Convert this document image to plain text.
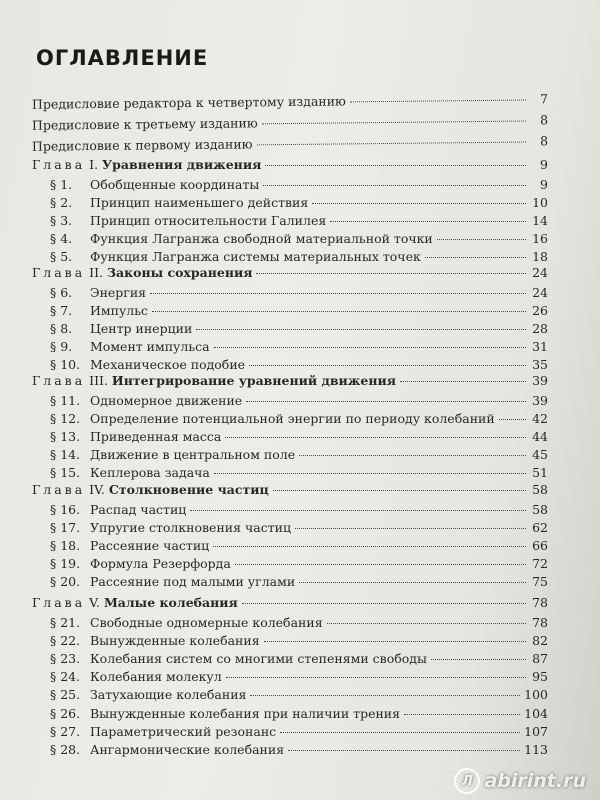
ОГЛАВЛЕНИЕ
Предисловие редактора к четвертому изданию	7
Предисловие к третьему изданию	8
Предисловие к первому изданию	8
Глава I. Уравнения движения	9
§ 1. Обобщенные координаты	9
§ 2. Принцип наименьшего действия	10
§ 3. Принцип относительности Галилея	14
§ 4. Функция Лагранжа свободной материальной точки	16
§ 5. Функция Лагранжа системы материальных точек	18
Глава II. Законы сохранения	24
§ 6. Энергия	24
§ 7. Импульс	26
§ 8. Центр инерции	28
§ 9. Момент импульса	31
§ 10. Механическое подобие	35
Глава III. Интегрирование уравнений движения	39
§ 11. Одномерное движение	39
§ 12. Определение потенциальной энергии по периоду колебаний	42
§ 13. Приведенная масса	44
§ 14. Движение в центральном поле	45
§ 15. Кеплерова задача	51
Глава IV. Столкновение частиц	58
§ 16. Распад частиц	58
§ 17. Упругие столкновения частиц	62
§ 18. Рассеяние частиц	66
§ 19. Формула Резерфорда	72
§ 20. Рассеяние под малыми углами	75
Глава V. Малые колебания	78
§ 21. Свободные одномерные колебания	78
§ 22. Вынужденные колебания	82
§ 23. Колебания систем со многими степенями свободы	87
§ 24. Колебания молекул	95
§ 25. Затухающие колебания	100
§ 26. Вынужденные колебания при наличии трения	104
§ 27. Параметрический резонанс	107
§ 28. Ангармонические колебания	113
Л abirint.ru
